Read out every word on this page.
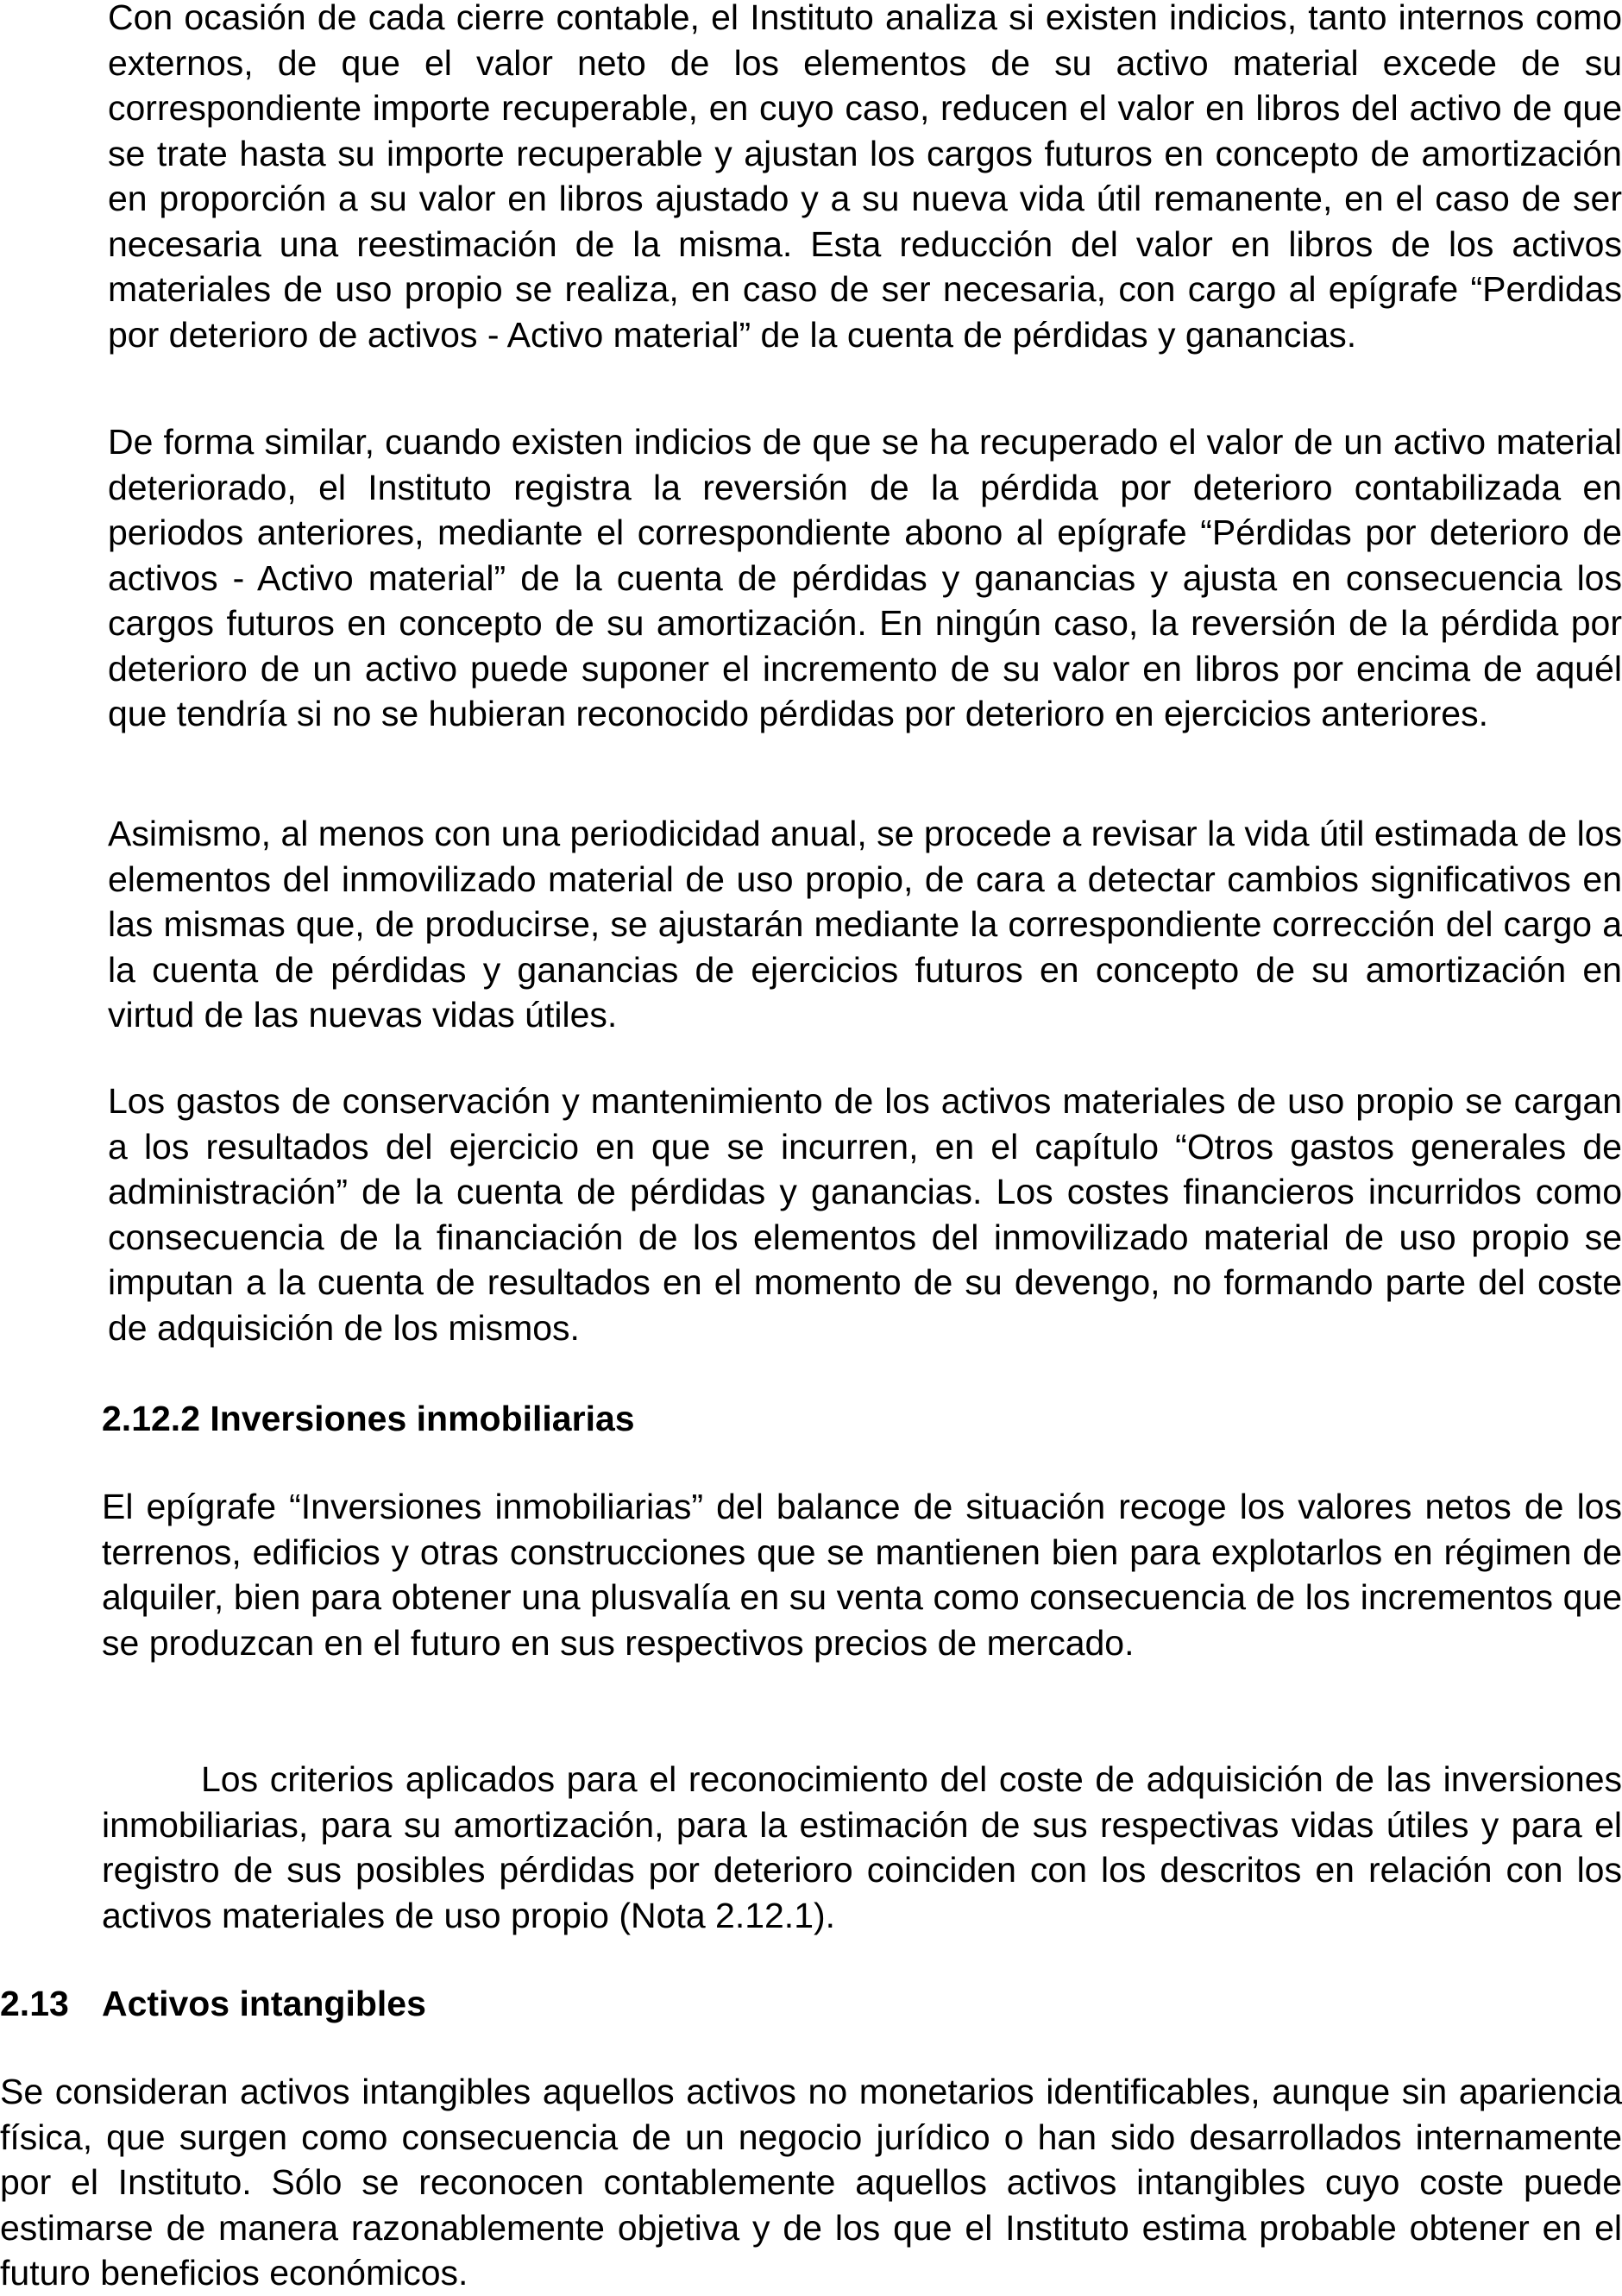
Con ocasión de cada cierre contable, el Instituto analiza si existen indicios, tanto internos como externos, de que el valor neto de los elementos de su activo material excede de su correspondiente importe recuperable, en cuyo caso, reducen el valor en libros del activo de que se trate hasta su importe recuperable y ajustan los cargos futuros en concepto de amortización en proporción a su valor en libros ajustado y a su nueva vida útil remanente, en el caso de ser necesaria una reestimación de la misma. Esta reducción del valor en libros de los activos materiales de uso propio se realiza, en caso de ser necesaria, con cargo al epígrafe “Perdidas por deterioro de activos - Activo material” de la cuenta de pérdidas y ganancias.

De forma similar, cuando existen indicios de que se ha recuperado el valor de un activo material deteriorado, el Instituto registra la reversión de la pérdida por deterioro contabilizada en periodos anteriores, mediante el correspondiente abono al epígrafe “Pérdidas por deterioro de activos - Activo material” de la cuenta de pérdidas y ganancias y ajusta en consecuencia los cargos futuros en concepto de su amortización. En ningún caso, la reversión de la pérdida por deterioro de un activo puede suponer el incremento de su valor en libros por encima de aquél que tendría si no se hubieran reconocido pérdidas por deterioro en ejercicios anteriores.

Asimismo, al menos con una periodicidad anual, se procede a revisar la vida útil estimada de los elementos del inmovilizado material de uso propio, de cara a detectar cambios significativos en las mismas que, de producirse, se ajustarán mediante la correspondiente corrección del cargo a la cuenta de pérdidas y ganancias de ejercicios futuros en concepto de su amortización en virtud de las nuevas vidas útiles.

Los gastos de conservación y mantenimiento de los activos materiales de uso propio se cargan a los resultados del ejercicio en que se incurren, en el capítulo “Otros gastos generales de administración” de la cuenta de pérdidas y ganancias. Los costes financieros incurridos como consecuencia de la financiación de los elementos del inmovilizado material de uso propio se imputan a la cuenta de resultados en el momento de su devengo, no formando parte del coste de adquisición de los mismos.

2.12.2 Inversiones inmobiliarias

El epígrafe “Inversiones inmobiliarias” del balance de situación recoge los valores netos de los terrenos, edificios y otras construcciones que se mantienen bien para explotarlos en régimen de alquiler, bien para obtener una plusvalía en su venta como consecuencia de los incrementos que se produzcan en el futuro en sus respectivos precios de mercado.

Los criterios aplicados para el reconocimiento del coste de adquisición de las inversiones inmobiliarias, para su amortización, para la estimación de sus respectivas vidas útiles y para el registro de sus posibles pérdidas por deterioro coinciden con los descritos en relación con los activos materiales de uso propio (Nota 2.12.1).

2.13 Activos intangibles

Se consideran activos intangibles aquellos activos no monetarios identificables, aunque sin apariencia física, que surgen como consecuencia de un negocio jurídico o han sido desarrollados internamente por el Instituto. Sólo se reconocen contablemente aquellos activos intangibles cuyo coste puede estimarse de manera razonablemente objetiva y de los que el Instituto estima probable obtener en el futuro beneficios económicos.
